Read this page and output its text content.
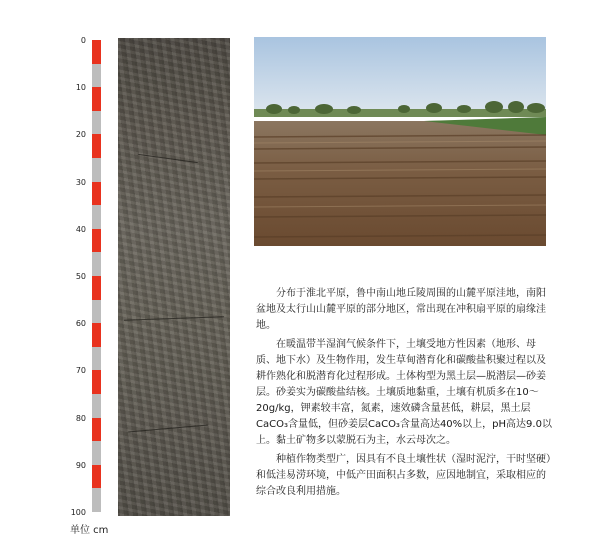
0
10
20
30
40
50
60
70
80
90
100
单位 cm

分布于淮北平原，鲁中南山地丘陵周围的山麓平原洼地，南阳盆地及太行山山麓平原的部分地区，常出现在冲积扇平原的扇缘洼地。

在暖温带半湿润气候条件下，土壤受地方性因素（地形、母质、地下水）及生物作用，发生草甸潜育化和碳酸盐积聚过程以及耕作熟化和脱潜育化过程形成。土体构型为黑土层—脱潜层—砂姜层。砂姜实为碳酸盐结核。土壤质地黏重，土壤有机质多在10～20g/kg，钾素较丰富，氮素，速效磷含量甚低，耕层，黑土层CaCO₃含量低，但砂姜层CaCO₃含量高达40%以上，pH高达9.0以上。黏土矿物多以蒙脱石为主，水云母次之。

种植作物类型广，因具有不良土壤性状（湿时泥泞，干时坚硬）和低洼易涝环境，中低产田面积占多数，应因地制宜，采取相应的综合改良利用措施。
